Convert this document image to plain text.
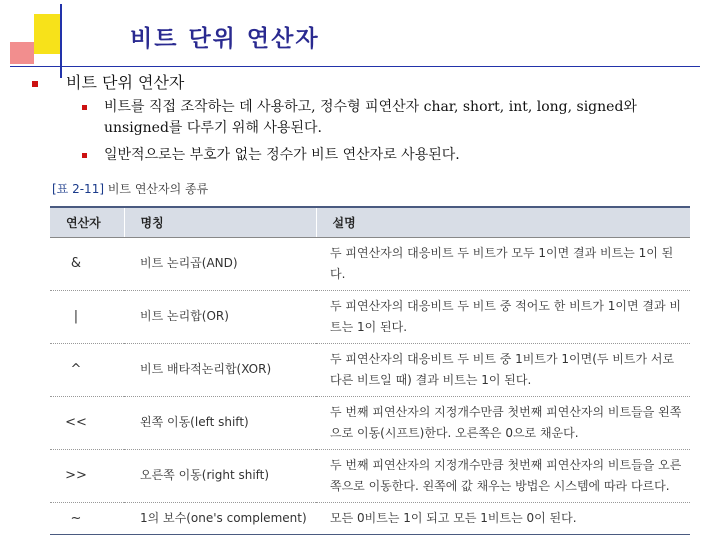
비트 단위 연산자
비트 단위 연산자
비트를 직접 조작하는 데 사용하고, 정수형 피연산자 char, short, int, long, signed와 unsigned를 다루기 위해 사용된다.
일반적으로는 부호가 없는 정수가 비트 연산자로 사용된다.
[표 2-11] 비트 연산자의 종류
연산자	명칭	설명
&	비트 논리곱(AND)	두 피연산자의 대응비트 두 비트가 모두 1이면 결과 비트는 1이 된다.
|	비트 논리합(OR)	두 피연산자의 대응비트 두 비트 중 적어도 한 비트가 1이면 결과 비트는 1이 된다.
^	비트 배타적논리합(XOR)	두 피연산자의 대응비트 두 비트 중 1비트가 1이면(두 비트가 서로 다른 비트일 때) 결과 비트는 1이 된다.
<<	왼쪽 이동(left shift)	두 번째 피연산자의 지정개수만큼 첫번째 피연산자의 비트들을 왼쪽으로 이동(시프트)한다. 오른쪽은 0으로 채운다.
>>	오른쪽 이동(right shift)	두 번째 피연산자의 지정개수만큼 첫번째 피연산자의 비트들을 오른쪽으로 이동한다. 왼쪽에 값 채우는 방법은 시스템에 따라 다르다.
~	1의 보수(one's complement)	모든 0비트는 1이 되고 모든 1비트는 0이 된다.
